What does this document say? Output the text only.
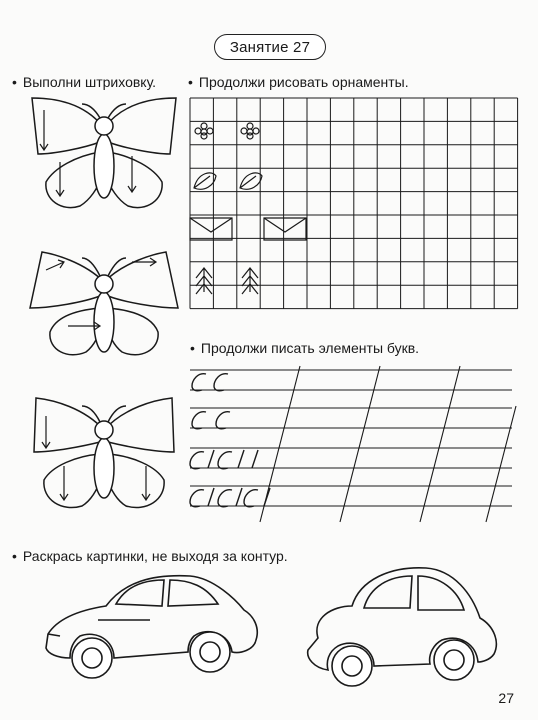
Занятие 27
• Выполни штриховку. • Продолжи рисовать орнаменты.
• Продолжи писать элементы букв.
• Раскрась картинки, не выходя за контур.
27
